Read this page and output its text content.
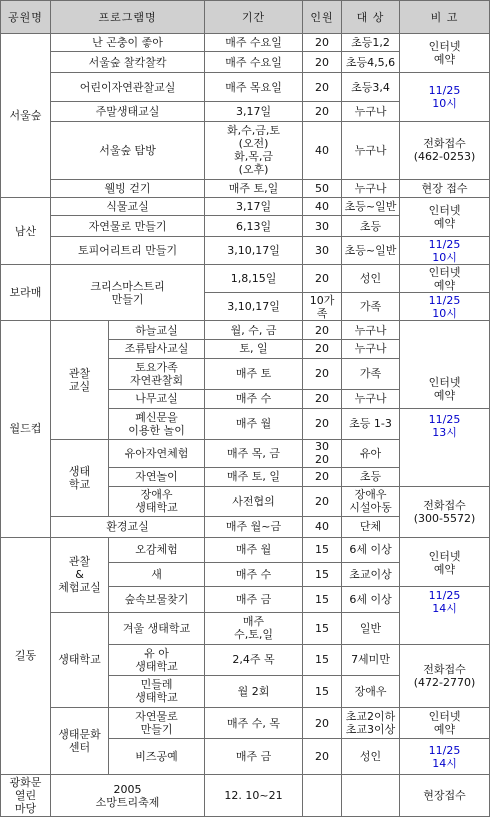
공원명	프로그램명		기간	인원	대 상	비 고
서울숲	난 곤충이 좋아		매주 수요일	20	초등1,2	인터넷
예약
	서울숲 찰칵찰칵		매주 수요일	20	초등4,5,6	
	어린이자연관찰교실		매주 목요일	20	초등3,4	11/25
10시
	주말생태교실		3,17일	20	누구나	
	서울숲 탐방		화,수,금,토
(오전)
화,목,금
(오후)	40	누구나	전화접수
(462-0253)
	웰빙 걷기		매주 토,일	50	누구나	현장 접수
남산	식물교실		3,17일	40	초등~일반	인터넷
예약
	자연물로 만들기		6,13일	30	초등	
	토피어리트리 만들기		3,10,17일	30	초등~일반	11/25
10시
보라매	크리스마스트리
만들기		1,8,15일	20	성인	인터넷
예약
			3,10,17일	10가족	가족	11/25
10시
월드컵	관찰
교실	하늘교실	월, 수, 금	20	누구나	인터넷
예약
		조류탐사교실	토, 일	20	누구나	
		토요가족
자연관찰회	매주 토	20	가족	
		나무교실	매주 수	20	누구나	
		폐신문을
이용한 놀이	매주 월	20	초등 1-3	11/25
13시
	생태
학교	유아자연체험	매주 목, 금	30
20	유아	
		자연놀이	매주 토, 일	20	초등	
		장애우
생태학교	사전협의	20	장애우
시설아동	전화접수
(300-5572)
	환경교실		매주 월~금	40	단체	
길동	관찰
&
체험교실	오감체험	매주 월	15	6세 이상	인터넷
예약
		새	매주 수	15	초교이상	
		숲속보물찾기	매주 금	15	6세 이상	11/25
14시
	생태학교	겨울 생태학교	매주
수,토,일	15	일반	
		유 아
생태학교	2,4주 목	15	7세미만	전화접수
(472-2770)
		민들레
생태학교	월 2회	15	장애우	
	생태문화
센터	자연물로
만들기	매주 수, 목	20	초교2이하
초교3이상	인터넷
예약
		비즈공예	매주 금	20	성인	11/25
14시
광화문
열린
마당	2005
소망트리축제		12. 10~21			현장접수
